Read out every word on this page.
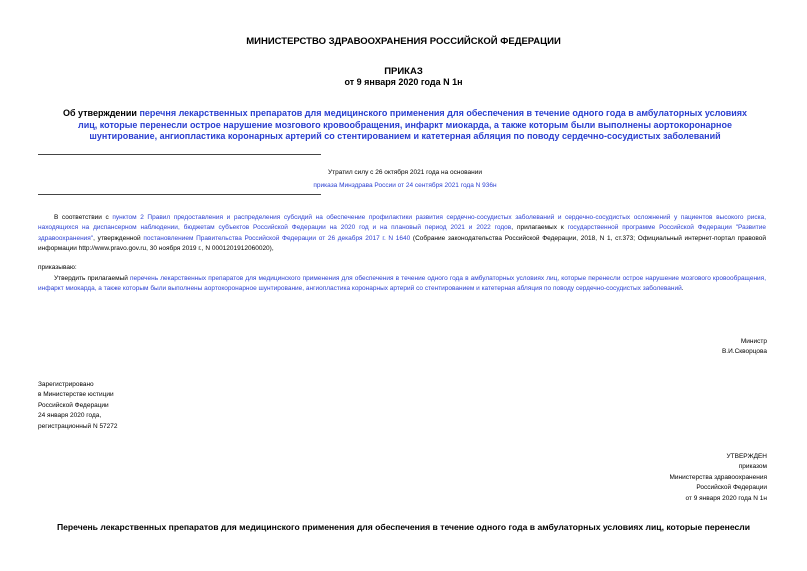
МИНИСТЕРСТВО ЗДРАВООХРАНЕНИЯ РОССИЙСКОЙ ФЕДЕРАЦИИ
ПРИКАЗ
от 9 января 2020 года N 1н
Об утверждении перечня лекарственных препаратов для медицинского применения для обеспечения в течение одного года в амбулаторных условиях лиц, которые перенесли острое нарушение мозгового кровообращения, инфаркт миокарда, а также которым были выполнены аортокоронарное шунтирование, ангиопластика коронарных артерий со стентированием и катетерная абляция по поводу сердечно-сосудистых заболеваний
Утратил силу с 26 октября 2021 года на основании
приказа Минздрава России от 24 сентября 2021 года N 936н
В соответствии с пунктом 2 Правил предоставления и распределения субсидий на обеспечение профилактики развития сердечно-сосудистых заболеваний и сердечно-сосудистых осложнений у пациентов высокого риска, находящихся на диспансерном наблюдении, бюджетам субъектов Российской Федерации на 2020 год и на плановый период 2021 и 2022 годов, прилагаемых к государственной программе Российской Федерации "Развитие здравоохранения", утвержденной постановлением Правительства Российской Федерации от 26 декабря 2017 г. N 1640 (Собрание законодательства Российской Федерации, 2018, N 1, ст.373; Официальный интернет-портал правовой информации http://www.pravo.gov.ru, 30 ноября 2019 г., N 0001201912060020),
приказываю:
Утвердить прилагаемый перечень лекарственных препаратов для медицинского применения для обеспечения в течение одного года в амбулаторных условиях лиц, которые перенесли острое нарушение мозгового кровообращения, инфаркт миокарда, а также которым были выполнены аортокоронарное шунтирование, ангиопластика коронарных артерий со стентированием и катетерная абляция по поводу сердечно-сосудистых заболеваний.
Министр
В.И.Скворцова
Зарегистрировано
в Министерстве юстиции
Российской Федерации
24 января 2020 года,
регистрационный N 57272
УТВЕРЖДЕН
приказом
Министерства здравоохранения
Российской Федерации
от 9 января 2020 года N 1н
Перечень лекарственных препаратов для медицинского применения для обеспечения в течение одного года в амбулаторных условиях лиц, которые перенесли
